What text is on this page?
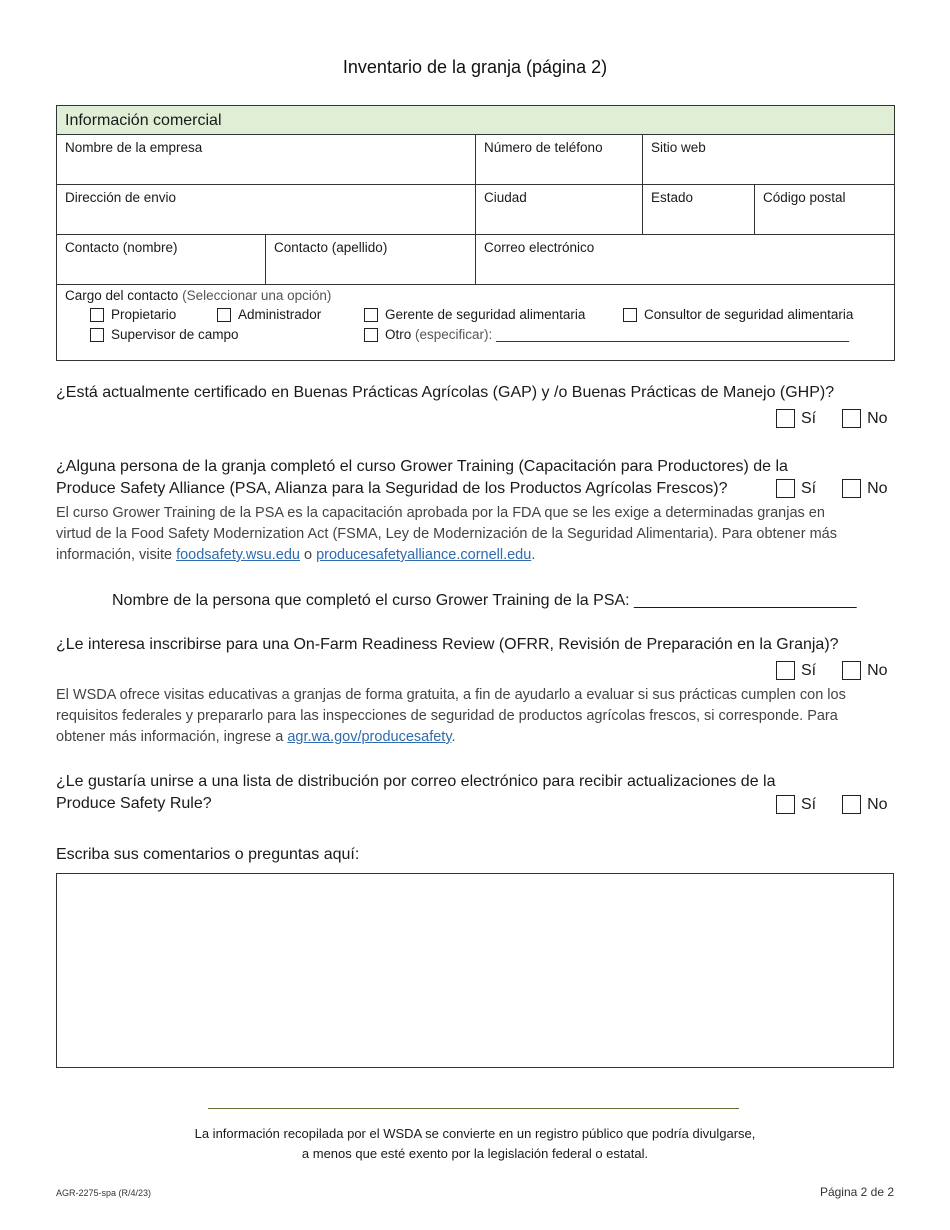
Inventario de la granja (página 2)
Información comercial
Nombre de la empresa	Número de teléfono	Sitio web
Dirección de envio	Ciudad	Estado	Código postal
Contacto (nombre)	Contacto (apellido)	Correo electrónico
Cargo del contacto (Seleccionar una opción)
Propietario	Administrador	Gerente de seguridad alimentaria	Consultor de seguridad alimentaria
Supervisor de campo	Otro
(especificar):
_______________________________________________
¿Está actualmente certificado en Buenas Prácticas Agrícolas (GAP) y /o Buenas Prácticas de Manejo (GHP)?
Sí	No
¿Alguna persona de la granja completó el curso Grower Training (Capacitación para Productores) de la
Produce Safety Alliance (PSA, Alianza para la Seguridad de los Productos Agrícolas Frescos)?	Sí	No
El curso Grower Training de la PSA es la capacitación aprobada por la FDA que se les exige a determinadas granjas en
virtud de la Food Safety Modernization Act (FSMA, Ley de Modernización de la Seguridad Alimentaria). Para obtener más
información, visite foodsafety.wsu.edu o producesafetyalliance.cornell.edu.
Nombre de la persona que completó el curso Grower Training de la PSA: _________________________
¿Le interesa inscribirse para una On-Farm Readiness Review (OFRR, Revisión de Preparación en la Granja)?
Sí	No
El WSDA ofrece visitas educativas a granjas de forma gratuita, a fin de ayudarlo a evaluar si sus prácticas cumplen con los
requisitos federales y prepararlo para las inspecciones de seguridad de productos agrícolas frescos, si corresponde. Para
obtener más información, ingrese a agr.wa.gov/producesafety.
¿Le gustaría unirse a una lista de distribución por correo electrónico para recibir actualizaciones de la
Produce Safety Rule?	Sí	No
Escriba sus comentarios o preguntas aquí:
La información recopilada por el WSDA se convierte en un registro público que podría divulgarse,
a menos que esté exento por la legislación federal o estatal.
AGR-2275-spa (R/4/23)	Página 2 de 2
